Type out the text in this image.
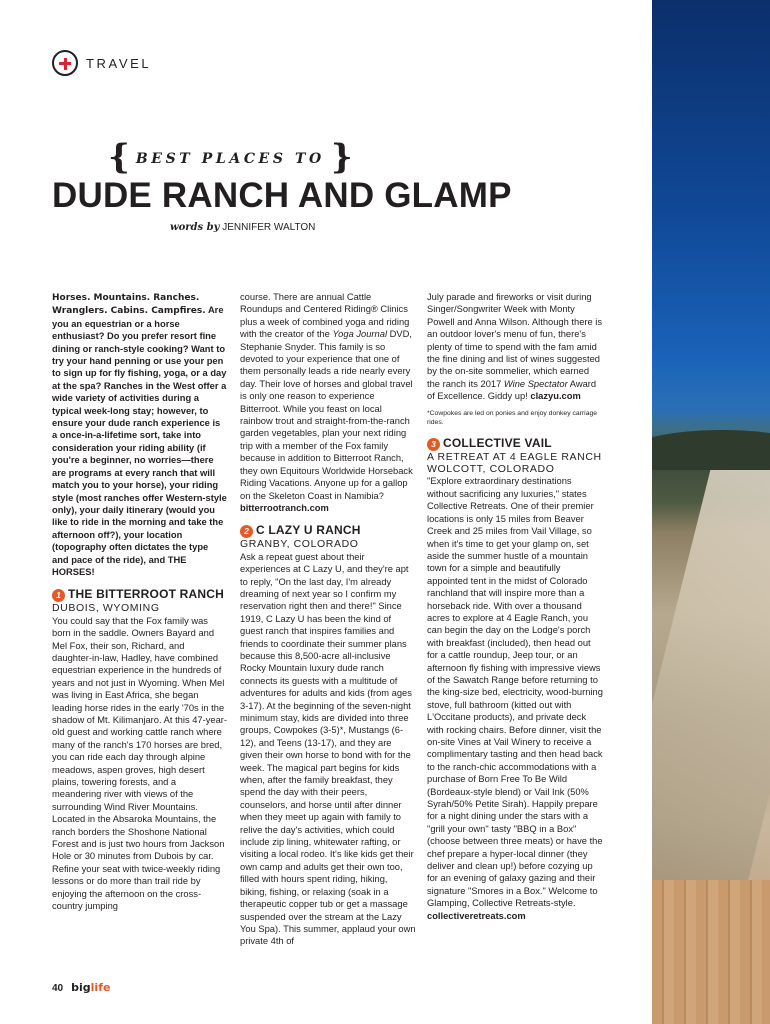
TRAVEL
{ BEST PLACES TO }
DUDE RANCH AND GLAMP
words by JENNIFER WALTON

Horses. Mountains. Ranches. Wranglers. Cabins. Campfires. Are you an equestrian or a horse enthusiast? Do you prefer resort fine dining or ranch-style cooking? Want to try your hand penning or use your pen to sign up for fly fishing, yoga, or a day at the spa? Ranches in the West offer a wide variety of activities during a typical week-long stay; however, to ensure your dude ranch experience is a once-in-a-lifetime sort, take into consideration your riding ability (if you're a beginner, no worries—there are programs at every ranch that will match you to your horse), your riding style (most ranches offer Western-style only), your daily itinerary (would you like to ride in the morning and take the afternoon off?), your location (topography often dictates the type and pace of the ride), and THE HORSES!

1 THE BITTERROOT RANCH

DUBOIS, WYOMING

You could say that the Fox family was born in the saddle. Owners Bayard and Mel Fox, their son, Richard, and daughter-in-law, Hadley, have combined equestrian experience in the hundreds of years and not just in Wyoming. When Mel was living in East Africa, she began leading horse rides in the early '70s in the shadow of Mt. Kilimanjaro. At this 47-year-old guest and working cattle ranch where many of the ranch's 170 horses are bred, you can ride each day through alpine meadows, aspen groves, high desert plains, towering forests, and a meandering river with views of the surrounding Wind River Mountains. Located in the Absaroka Mountains, the ranch borders the Shoshone National Forest and is just two hours from Jackson Hole or 30 minutes from Dubois by car. Refine your seat with twice-weekly riding lessons or do more than trail ride by enjoying the afternoon on the cross-country jumping

course. There are annual Cattle Roundups and Centered Riding® Clinics plus a week of combined yoga and riding with the creator of the Yoga Journal DVD, Stephanie Snyder. This family is so devoted to your experience that one of them personally leads a ride nearly every day. Their love of horses and global travel is only one reason to experience Bitterroot. While you feast on local rainbow trout and straight-from-the-ranch garden vegetables, plan your next riding trip with a member of the Fox family because in addition to Bitterroot Ranch, they own Equitours Worldwide Horseback Riding Vacations. Anyone up for a gallop on the Skeleton Coast in Namibia? bitterrootranch.com

2 C LAZY U RANCH

GRANBY, COLORADO

Ask a repeat guest about their experiences at C Lazy U, and they're apt to reply, "On the last day, I'm already dreaming of next year so I confirm my reservation right then and there!" Since 1919, C Lazy U has been the kind of guest ranch that inspires families and friends to coordinate their summer plans because this 8,500-acre all-inclusive Rocky Mountain luxury dude ranch connects its guests with a multitude of adventures for adults and kids (from ages 3-17). At the beginning of the seven-night minimum stay, kids are divided into three groups, Cowpokes (3-5)*, Mustangs (6-12), and Teens (13-17), and they are given their own horse to bond with for the week. The magical part begins for kids when, after the family breakfast, they spend the day with their peers, counselors, and horse until after dinner when they meet up again with family to relive the day's activities, which could include zip lining, whitewater rafting, or visiting a local rodeo. It's like kids get their own camp and adults get their own too, filled with hours spent riding, hiking, biking, fishing, or relaxing (soak in a therapeutic copper tub or get a massage suspended over the stream at the Lazy You Spa). This summer, applaud your own private 4th of

July parade and fireworks or visit during Singer/Songwriter Week with Monty Powell and Anna Wilson. Although there is an outdoor lover's menu of fun, there's plenty of time to spend with the fam amid the fine dining and list of wines suggested by the on-site sommelier, which earned the ranch its 2017 Wine Spectator Award of Excellence. Giddy up! clazyu.com

*Cowpokes are led on ponies and enjoy donkey carriage rides.

3 COLLECTIVE VAIL

A RETREAT AT 4 EAGLE RANCH
WOLCOTT, COLORADO

"Explore extraordinary destinations without sacrificing any luxuries," states Collective Retreats. One of their premier locations is only 15 miles from Beaver Creek and 25 miles from Vail Village, so when it's time to get your glamp on, set aside the summer hustle of a mountain town for a simple and beautifully appointed tent in the midst of Colorado ranchland that will inspire more than a horseback ride. With over a thousand acres to explore at 4 Eagle Ranch, you can begin the day on the Lodge's porch with breakfast (included), then head out for a cattle roundup, Jeep tour, or an afternoon fly fishing with impressive views of the Sawatch Range before returning to the king-size bed, electricity, wood-burning stove, full bathroom (kitted out with L'Occitane products), and private deck with rocking chairs. Before dinner, visit the on-site Vines at Vail Winery to receive a complimentary tasting and then head back to the ranch-chic accommodations with a purchase of Born Free To Be Wild (Bordeaux-style blend) or Vail Ink (50% Syrah/50% Petite Sirah). Happily prepare for a night dining under the stars with a "grill your own" tasty "BBQ in a Box" (choose between three meats) or have the chef prepare a hyper-local dinner (they deliver and clean up!) before cozying up for an evening of galaxy gazing and their signature "Smores in a Box." Welcome to Glamping, Collective Retreats-style. collectiveretreats.com

40 biglife
